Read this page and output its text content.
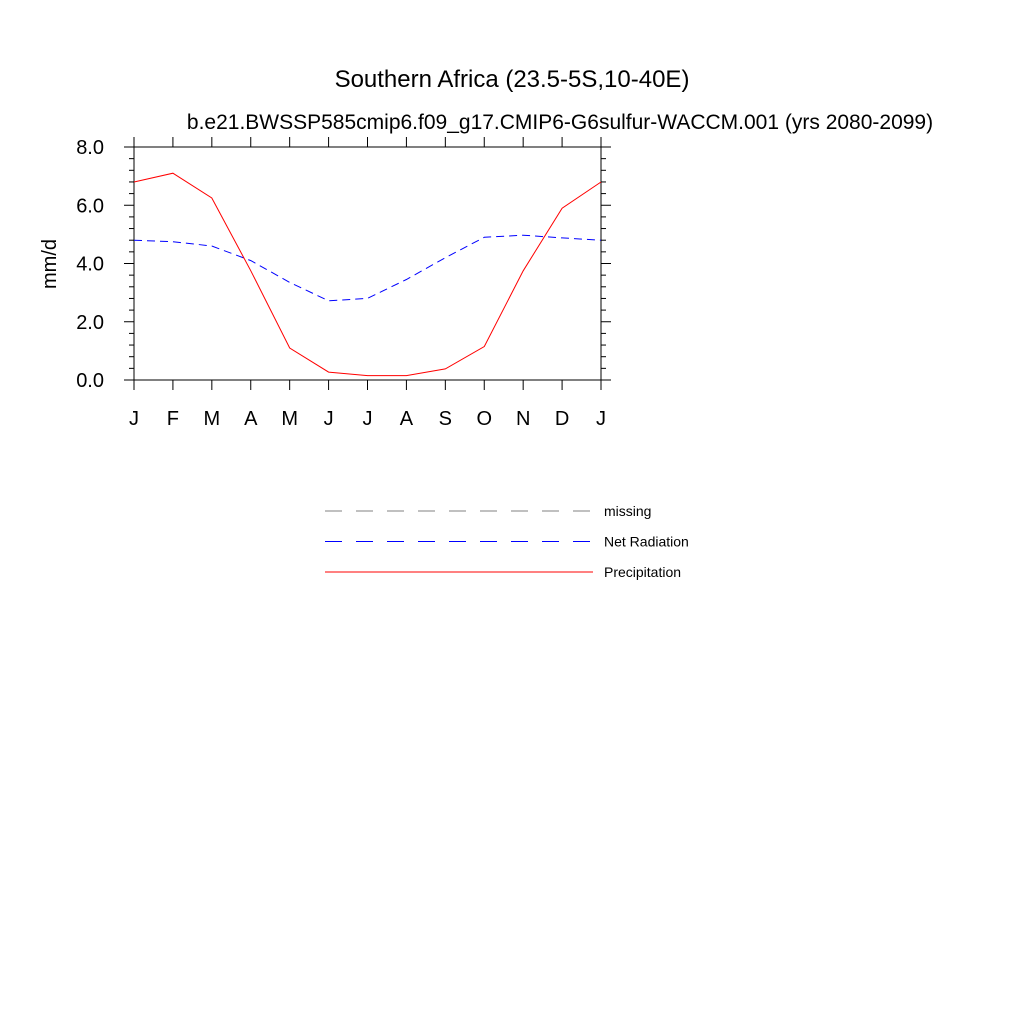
Southern Africa (23.5-5S,10-40E)
b.e21.BWSSP585cmip6.f09_g17.CMIP6-G6sulfur-WACCM.001 (yrs 2080-2099)
mm/d
0.0
2.0
4.0
6.0
8.0
J F M A M J J A S O N D J
missing
Net Radiation
Precipitation
